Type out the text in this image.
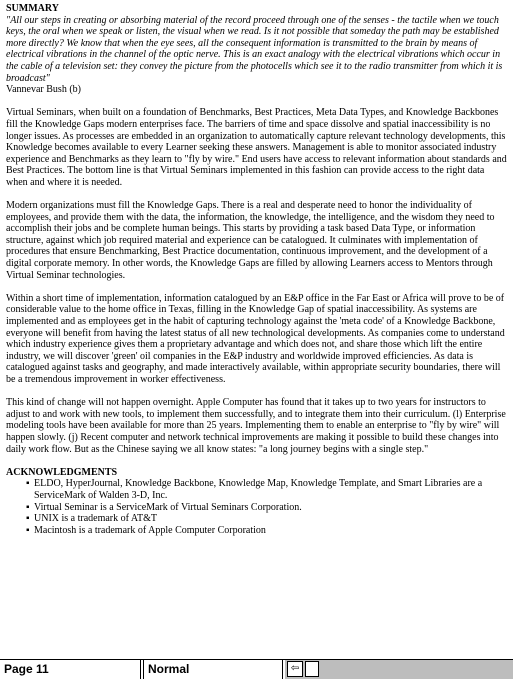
SUMMARY

"All our steps in creating or absorbing material of the record proceed through one of the senses - the tactile when we touch keys, the oral when we speak or listen, the visual when we read. Is it not possible that someday the path may be established more directly? We know that when the eye sees, all the consequent information is transmitted to the brain by means of electrical vibrations in the channel of the optic nerve. This is an exact analogy with the electrical vibrations which occur in the cable of a television set: they convey the picture from the photocells which see it to the radio transmitter from which it is broadcast"

Vannevar Bush (b)

Virtual Seminars, when built on a foundation of Benchmarks, Best Practices, Meta Data Types, and Knowledge Backbones fill the Knowledge Gaps modern enterprises face. The barriers of time and space dissolve and spatial inaccessibility is no longer issues. As processes are embedded in an organization to automatically capture relevant technology developments, this Knowledge becomes available to every Learner seeking these answers. Management is able to monitor associated industry experience and Benchmarks as they learn to "fly by wire." End users have access to relevant information about standards and Best Practices. The bottom line is that Virtual Seminars implemented in this fashion can provide access to the right data when and where it is needed.

Modern organizations must fill the Knowledge Gaps. There is a real and desperate need to honor the individuality of employees, and provide them with the data, the information, the knowledge, the intelligence, and the wisdom they need to accomplish their jobs and be complete human beings. This starts by providing a task based Data Type, or information structure, against which job required material and experience can be catalogued. It culminates with implementation of procedures that ensure Benchmarking, Best Practice documentation, continuous improvement, and the development of a digital corporate memory. In other words, the Knowledge Gaps are filled by allowing Learners access to Mentors through Virtual Seminar technologies.

Within a short time of implementation, information catalogued by an E&P office in the Far East or Africa will prove to be of considerable value to the home office in Texas, filling in the Knowledge Gap of spatial inaccessibility. As systems are implemented and as employees get in the habit of capturing technology against the 'meta code' of a Knowledge Backbone, everyone will benefit from having the latest status of all new technological developments. As companies come to understand which industry experience gives them a proprietary advantage and which does not, and share those which lift the entire industry, we will discover 'green' oil companies in the E&P industry and worldwide improved efficiencies. As data is catalogued against tasks and geography, and made interactively available, within appropriate security boundaries, there will be a tremendous improvement in worker effectiveness.

This kind of change will not happen overnight. Apple Computer has found that it takes up to two years for instructors to adjust to and work with new tools, to implement them successfully, and to integrate them into their curriculum. (l) Enterprise modeling tools have been available for more than 25 years. Implementing them to enable an enterprise to "fly by wire" will happen slowly. (j) Recent computer and network technical improvements are making it possible to build these changes into daily work flow. But as the Chinese saying we all know states: "a long journey begins with a single step."

ACKNOWLEDGMENTS

▪ ELDO, HyperJournal, Knowledge Backbone, Knowledge Map, Knowledge Template, and Smart Libraries are a ServiceMark of Walden 3-D, Inc.
▪ Virtual Seminar is a ServiceMark of Virtual Seminars Corporation.
▪ UNIX is a trademark of AT&T
▪ Macintosh is a trademark of Apple Computer Corporation
Page 11	Normal	⇦
